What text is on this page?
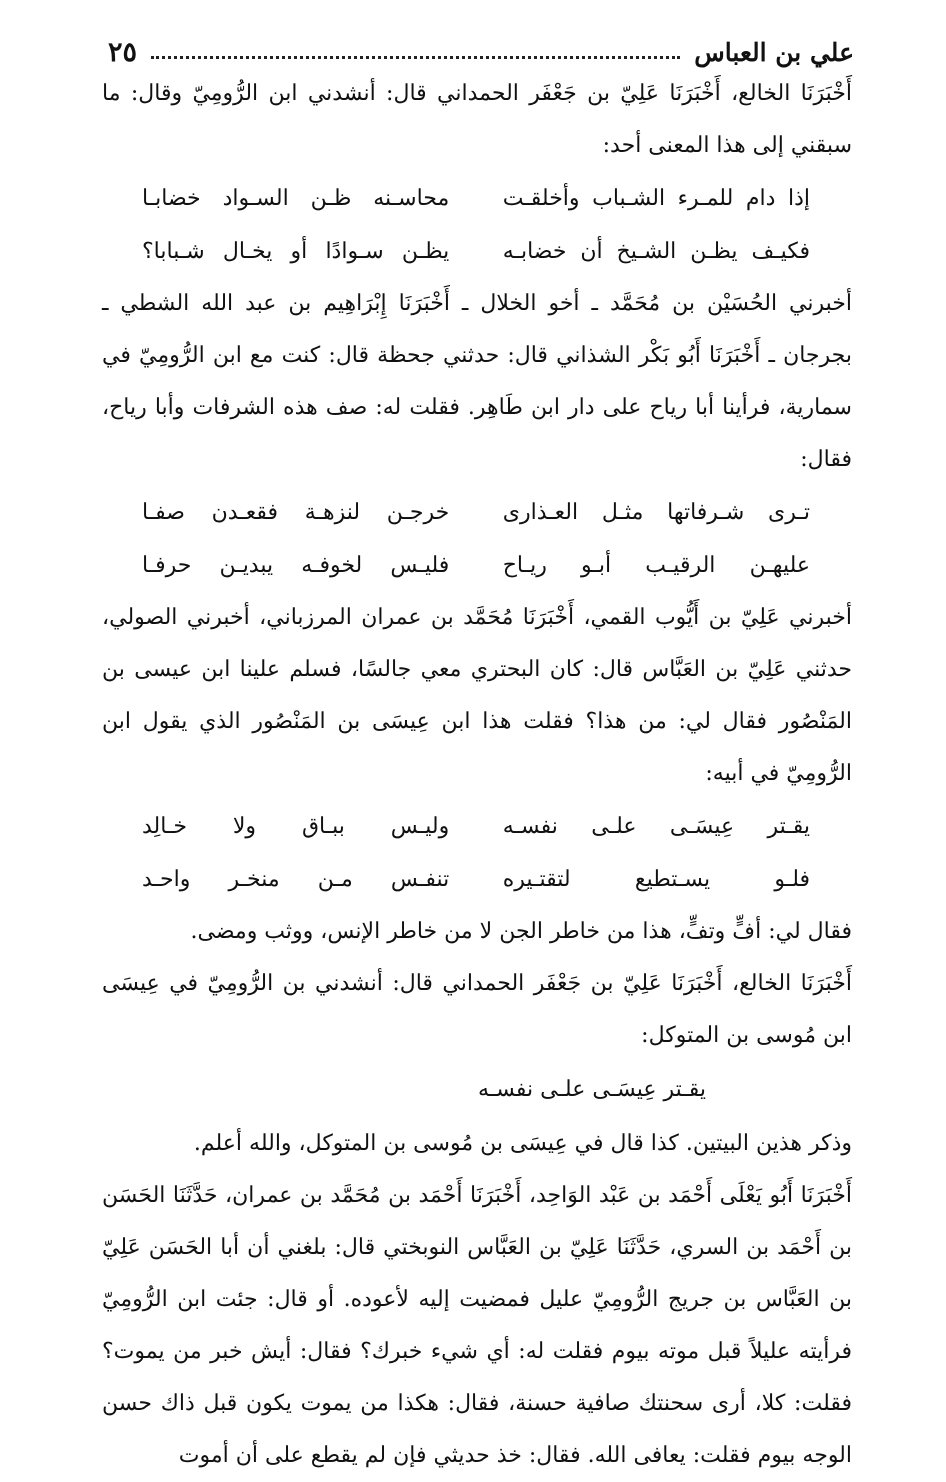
علي بن العباس
٢٥

أَخْبَرَنَا الخالع، أَخْبَرَنَا عَلِيّ بن جَعْفَر الحمداني قال: أنشدني ابن الرُّومِيّ وقال: ما سبقني إلى هذا المعنى أحد:

إذا دام للمـرء الشـباب وأخلقـت
محاسـنه ظـن السـواد خضابـا
فكيـف يظـن الشـيخ أن خضابـه
يظـن سـوادًا أو يخـال شـبابا؟

أخبرني الحُسَيْن بن مُحَمَّد ـ أخو الخلال ـ أَخْبَرَنَا إِبْرَاهِيم بن عبد الله الشطي ـ بجرجان ـ أَخْبَرَنَا أَبُو بَكْر الشذاني قال: حدثني جحظة قال: كنت مع ابن الرُّومِيّ في سمارية، فرأينا أبا رياح على دار ابن طَاهِر. فقلت له: صف هذه الشرفات وأبا رياح، فقال:

تـرى شـرفاتها مثـل العـذارى
خرجـن لنزهـة فقعـدن صفـا
عليهـن الرقيـب أبـو ريـاح
فليـس لخوفـه يبديـن حرفـا

أخبرني عَلِيّ بن أَيُّوب القمي، أَخْبَرَنَا مُحَمَّد بن عمران المرزباني، أخبرني الصولي، حدثني عَلِيّ بن العَبَّاس قال: كان البحتري معي جالسًا، فسلم علينا ابن عيسى بن المَنْصُور فقال لي: من هذا؟ فقلت هذا ابن عِيسَى بن المَنْصُور الذي يقول ابن الرُّومِيّ في أبيه:

يقـتر عِيسَـى علـى نفسـه
وليـس ببـاق ولا خـالِد
فلـو يسـتطيع لتقتـيره
تنفـس مـن منخـر واحـد

فقال لي: أفٍّ وتفٍّ، هذا من خاطر الجن لا من خاطر الإنس، ووثب ومضى.

أَخْبَرَنَا الخالع، أَخْبَرَنَا عَلِيّ بن جَعْفَر الحمداني قال: أنشدني بن الرُّومِيّ في عِيسَى ابن مُوسى بن المتوكل:

يقـتر عِيسَـى علـى نفسـه

وذكر هذين البيتين. كذا قال في عِيسَى بن مُوسى بن المتوكل، والله أعلم.

أَخْبَرَنَا أَبُو يَعْلَى أَحْمَد بن عَبْد الوَاحِد، أَخْبَرَنَا أَحْمَد بن مُحَمَّد بن عمران، حَدَّثَنَا الحَسَن بن أَحْمَد بن السري، حَدَّثَنَا عَلِيّ بن العَبَّاس النوبختي قال: بلغني أن أبا الحَسَن عَلِيّ بن العَبَّاس بن جريج الرُّومِيّ عليل فمضيت إليه لأعوده. أو قال: جئت ابن الرُّومِيّ فرأيته عليلاً قبل موته بيوم فقلت له: أي شيء خبرك؟ فقال: أيش خبر من يموت؟ فقلت: كلا، أرى سحنتك صافية حسنة، فقال: هكذا من يموت يكون قبل ذاك حسن الوجه بيوم فقلت: يعافى الله. فقال: خذ حديثي فإن لم يقطع على أن أموت
